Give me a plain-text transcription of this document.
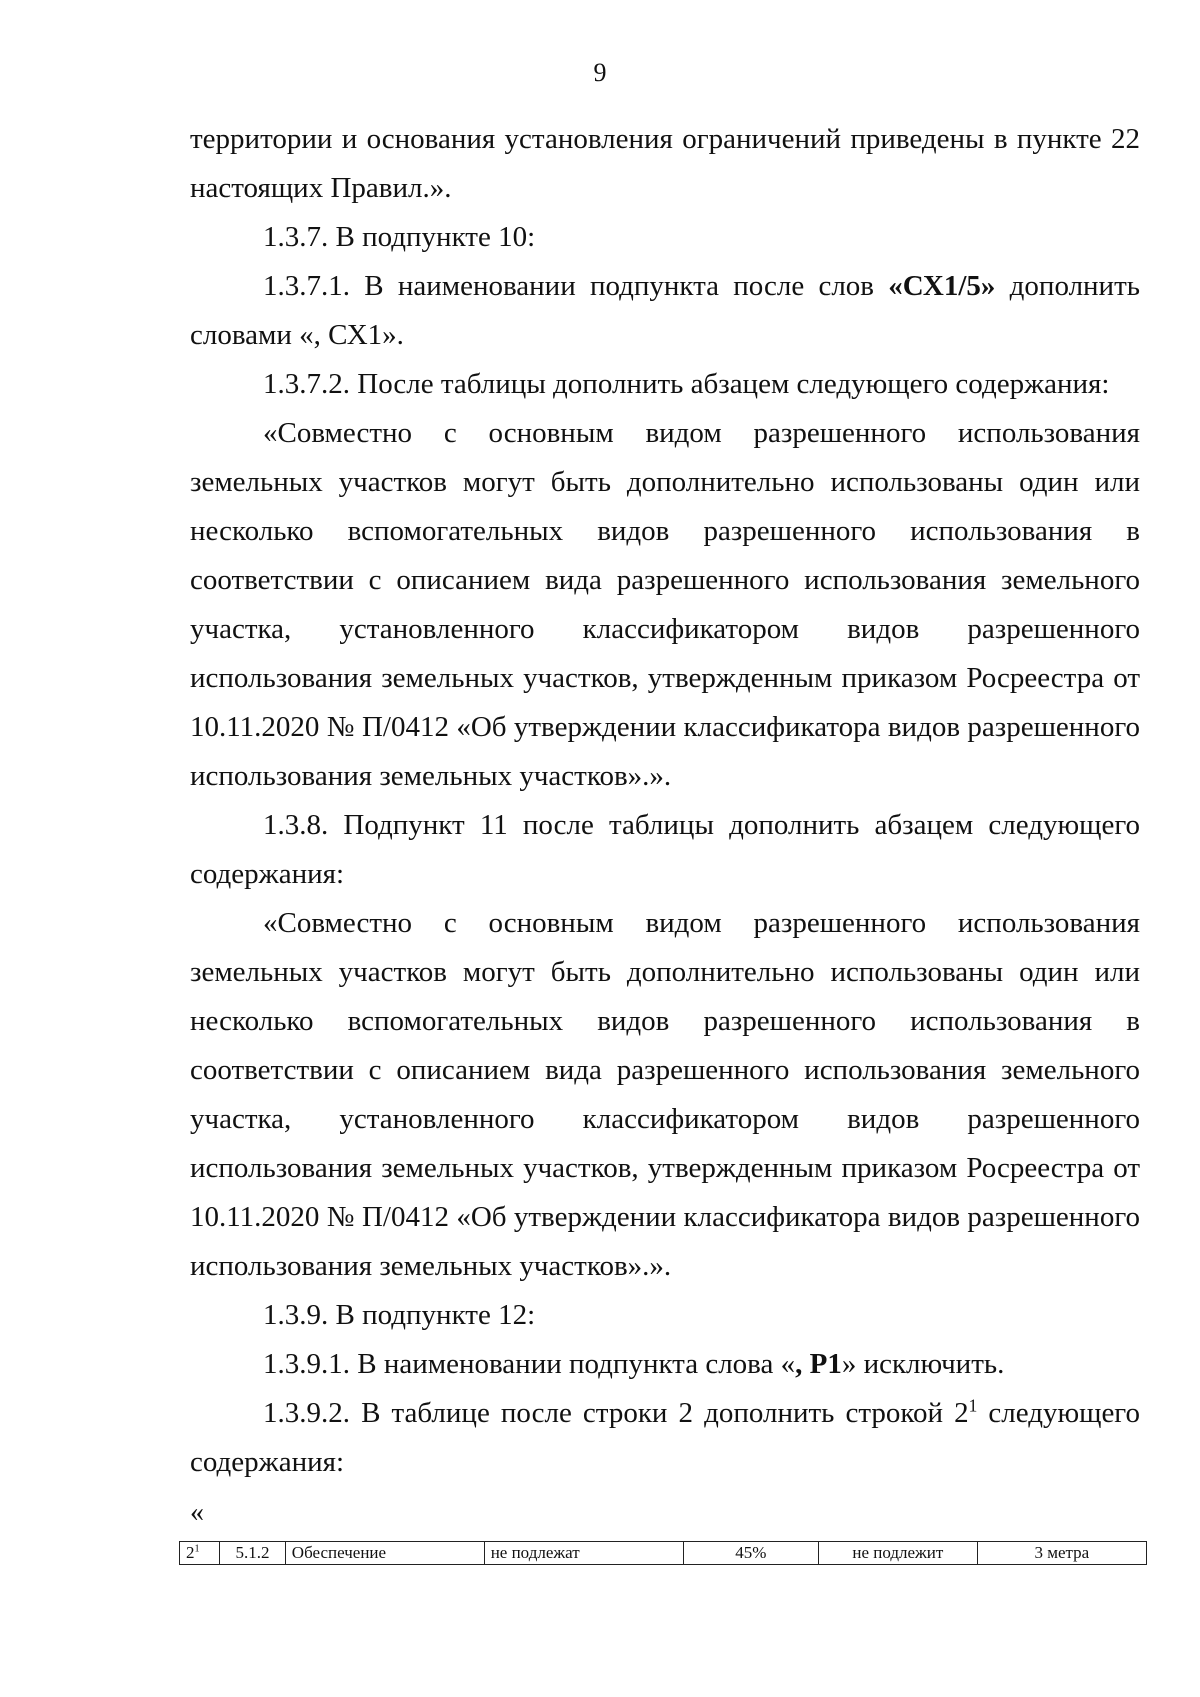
9

территории и основания установления ограничений приведены в пункте 22 настоящих Правил.».

1.3.7. В подпункте 10:

1.3.7.1. В наименовании подпункта после слов «СХ1/5» дополнить словами «, СХ1».

1.3.7.2. После таблицы дополнить абзацем следующего содержания:

«Совместно с основным видом разрешенного использования земельных участков могут быть дополнительно использованы один или несколько вспомогательных видов разрешенного использования в соответствии с описанием вида разрешенного использования земельного участка, установленного классификатором видов разрешенного использования земельных участков, утвержденным приказом Росреестра от 10.11.2020 № П/0412 «Об утверждении классификатора видов разрешенного использования земельных участков».».

1.3.8. Подпункт 11 после таблицы дополнить абзацем следующего содержания:

«Совместно с основным видом разрешенного использования земельных участков могут быть дополнительно использованы один или несколько вспомогательных видов разрешенного использования в соответствии с описанием вида разрешенного использования земельного участка, установленного классификатором видов разрешенного использования земельных участков, утвержденным приказом Росреестра от 10.11.2020 № П/0412 «Об утверждении классификатора видов разрешенного использования земельных участков».».

1.3.9. В подпункте 12:

1.3.9.1. В наименовании подпункта слова «, Р1» исключить.

1.3.9.2. В таблице после строки 2 дополнить строкой $2^1$ следующего содержания:

«
$2^1$	5.1.2	Обеспечение	не подлежат	45%	не подлежит	3 метра
